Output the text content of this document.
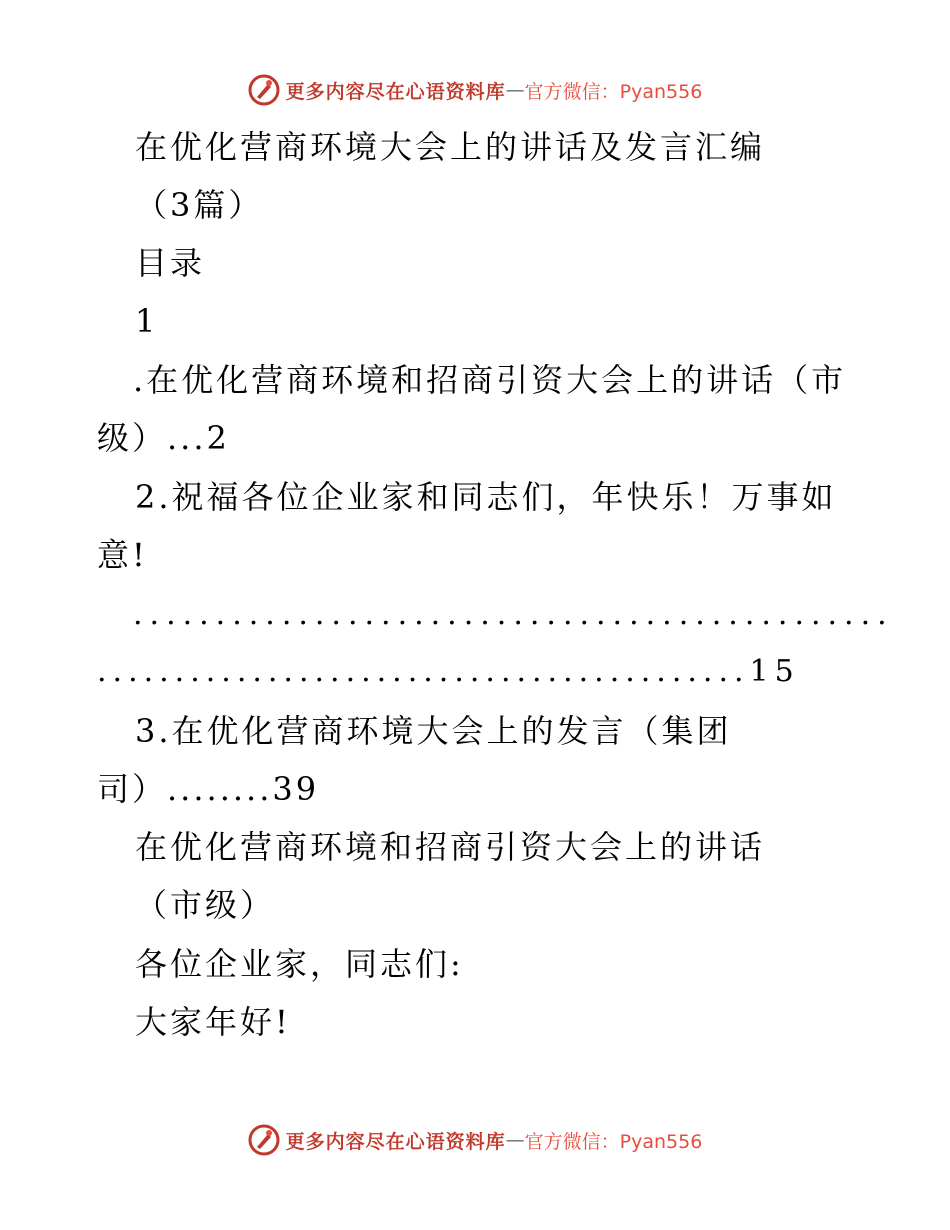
更多内容尽在心语资料库 — 官方微信：Pyan556
在优化营商环境大会上的讲话及发言汇编
（3篇）
目录
1
.在优化营商环境和招商引资大会上的讲话（市
级）...2
2.祝福各位企业家和同志们，年快乐！万事如
意!
..............................................
..........................................15
3.在优化营商环境大会上的发言（集团
司）........39
在优化营商环境和招商引资大会上的讲话
（市级）
各位企业家，同志们:
大家年好!
更多内容尽在心语资料库 — 官方微信：Pyan556
